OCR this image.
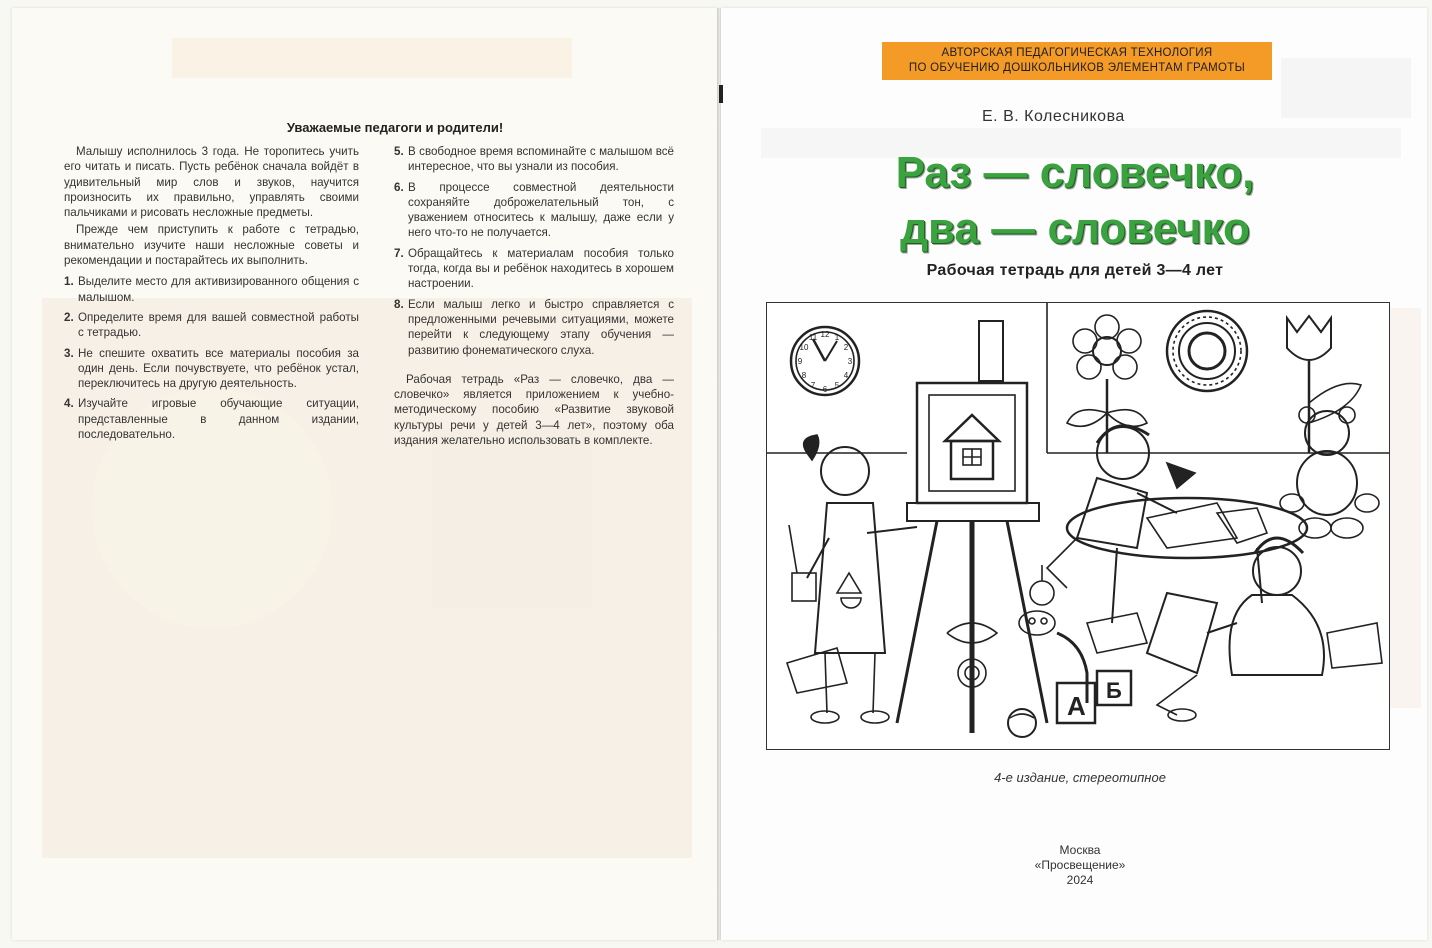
Уважаемые педагоги и родители!

Малышу исполнилось 3 года. Не торопитесь учить его читать и писать. Пусть ребёнок сначала войдёт в удивительный мир слов и звуков, научится произносить их правильно, управлять своими пальчиками и рисовать несложные предметы.

Прежде чем приступить к работе с тетрадью, внимательно изучите наши несложные советы и рекомендации и постарайтесь их выполнить.

1. Выделите место для активизированного общения с малышом.
2. Определите время для вашей совместной работы с тетрадью.
3. Не спешите охватить все материалы пособия за один день. Если почувствуете, что ребёнок устал, переключитесь на другую деятельность.
4. Изучайте игровые обучающие ситуации, представленные в данном издании, последовательно.
5. В свободное время вспоминайте с малышом всё интересное, что вы узнали из пособия.
6. В процессе совместной деятельности сохраняйте доброжелательный тон, с уважением относитесь к малышу, даже если у него что-то не получается.
7. Обращайтесь к материалам пособия только тогда, когда вы и ребёнок находитесь в хорошем настроении.
8. Если малыш легко и быстро справляется с предложенными речевыми ситуациями, можете перейти к следующему этапу обучения — развитию фонематического слуха.

Рабочая тетрадь «Раз — словечко, два — словечко» является приложением к учебно-методическому пособию «Развитие звуковой культуры речи у детей 3—4 лет», поэтому оба издания желательно использовать в комплекте.

АВТОРСКАЯ ПЕДАГОГИЧЕСКАЯ ТЕХНОЛОГИЯ
ПО ОБУЧЕНИЮ ДОШКОЛЬНИКОВ ЭЛЕМЕНТАМ ГРАМОТЫ
Е. В. Колесникова
Раз — словечко,
два — словечко
Рабочая тетрадь для детей 3—4 лет
12 1
2
3
4
5
6
7
8
9
10
11
А
Б
4-е издание, стереотипное
Москва
«Просвещение»
2024
